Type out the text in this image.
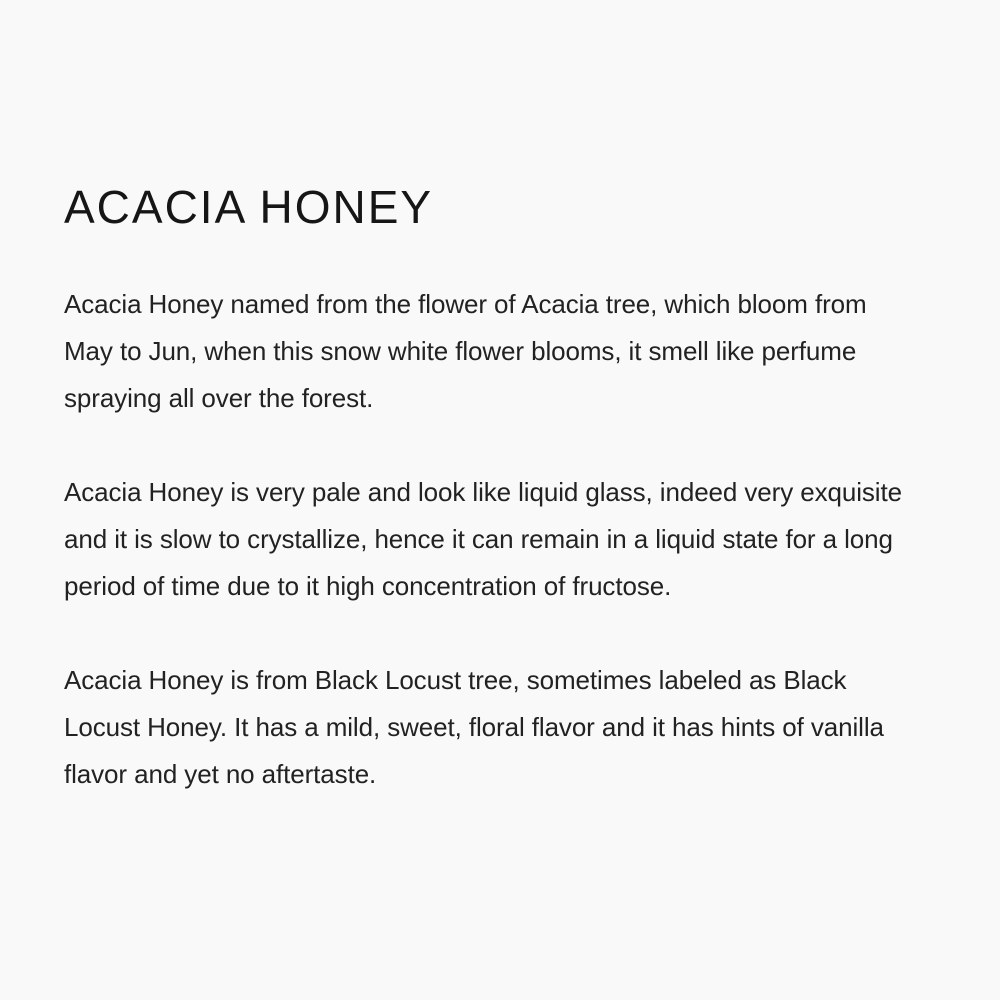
ACACIA HONEY

Acacia Honey named from the flower of Acacia tree, which bloom from May to Jun, when this snow white flower blooms, it smell like perfume spraying all over the forest.

Acacia Honey is very pale and look like liquid glass, indeed very exquisite and it is slow to crystallize, hence it can remain in a liquid state for a long period of time due to it high concentration of fructose.

Acacia Honey is from Black Locust tree, sometimes labeled as Black Locust Honey. It has a mild, sweet, floral flavor and it has hints of vanilla flavor and yet no aftertaste.
